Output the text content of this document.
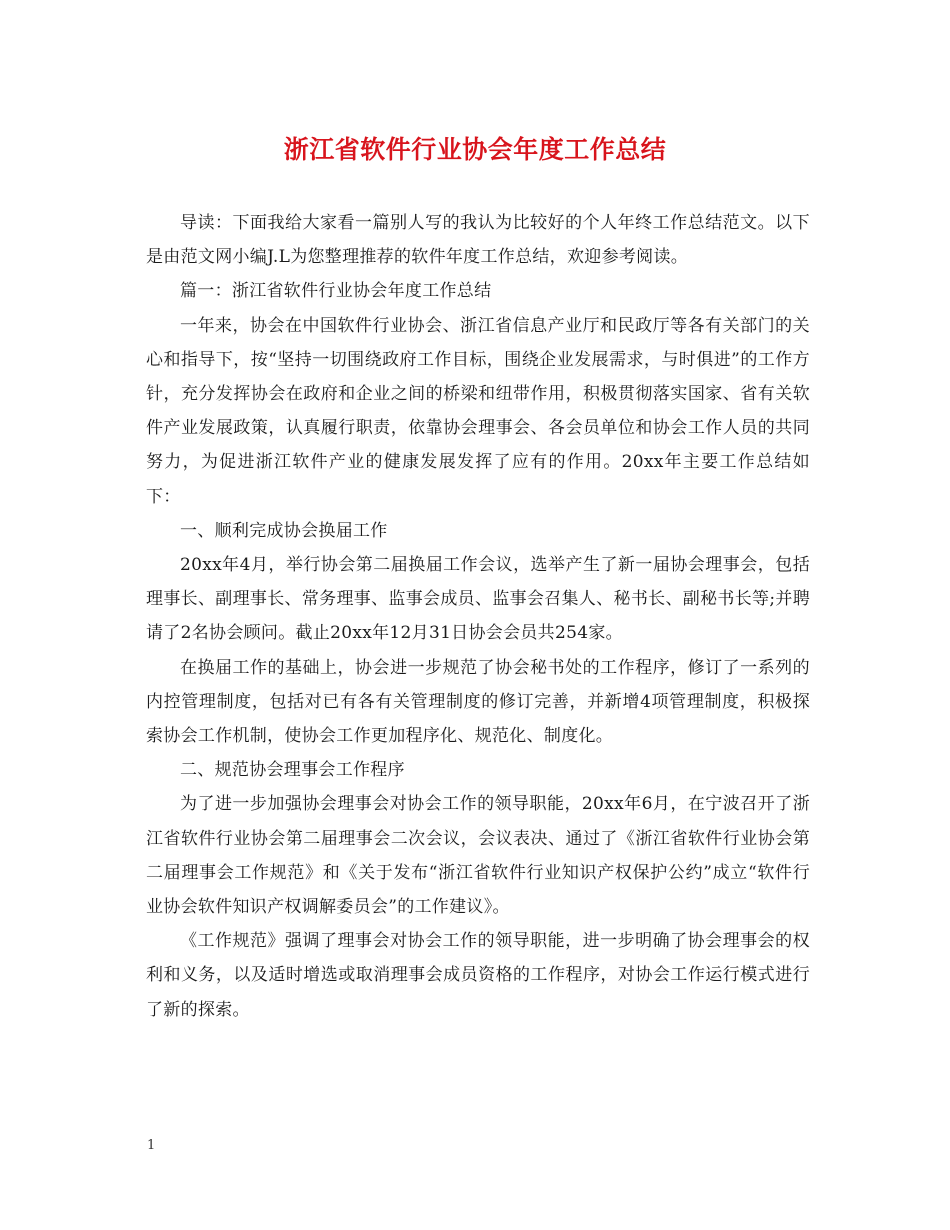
浙江省软件行业协会年度工作总结

导读：下面我给大家看一篇别人写的我认为比较好的个人年终工作总结范文。以下是由范文网小编J.L为您整理推荐的软件年度工作总结，欢迎参考阅读。

篇一：浙江省软件行业协会年度工作总结

一年来，协会在中国软件行业协会、浙江省信息产业厅和民政厅等各有关部门的关心和指导下，按“坚持一切围绕政府工作目标，围绕企业发展需求，与时俱进”的工作方针，充分发挥协会在政府和企业之间的桥梁和纽带作用，积极贯彻落实国家、省有关软件产业发展政策，认真履行职责，依靠协会理事会、各会员单位和协会工作人员的共同努力，为促进浙江软件产业的健康发展发挥了应有的作用。20xx年主要工作总结如下：

一、顺利完成协会换届工作

20xx年4月，举行协会第二届换届工作会议，选举产生了新一届协会理事会，包括理事长、副理事长、常务理事、监事会成员、监事会召集人、秘书长、副秘书长等;并聘请了2名协会顾问。截止20xx年12月31日协会会员共254家。

在换届工作的基础上，协会进一步规范了协会秘书处的工作程序，修订了一系列的内控管理制度，包括对已有各有关管理制度的修订完善，并新增4项管理制度，积极探索协会工作机制，使协会工作更加程序化、规范化、制度化。

二、规范协会理事会工作程序

为了进一步加强协会理事会对协会工作的领导职能，20xx年6月，在宁波召开了浙江省软件行业协会第二届理事会二次会议，会议表决、通过了《浙江省软件行业协会第二届理事会工作规范》和《关于发布“浙江省软件行业知识产权保护公约”成立“软件行业协会软件知识产权调解委员会”的工作建议》。

《工作规范》强调了理事会对协会工作的领导职能，进一步明确了协会理事会的权利和义务，以及适时增选或取消理事会成员资格的工作程序，对协会工作运行模式进行了新的探索。

1
